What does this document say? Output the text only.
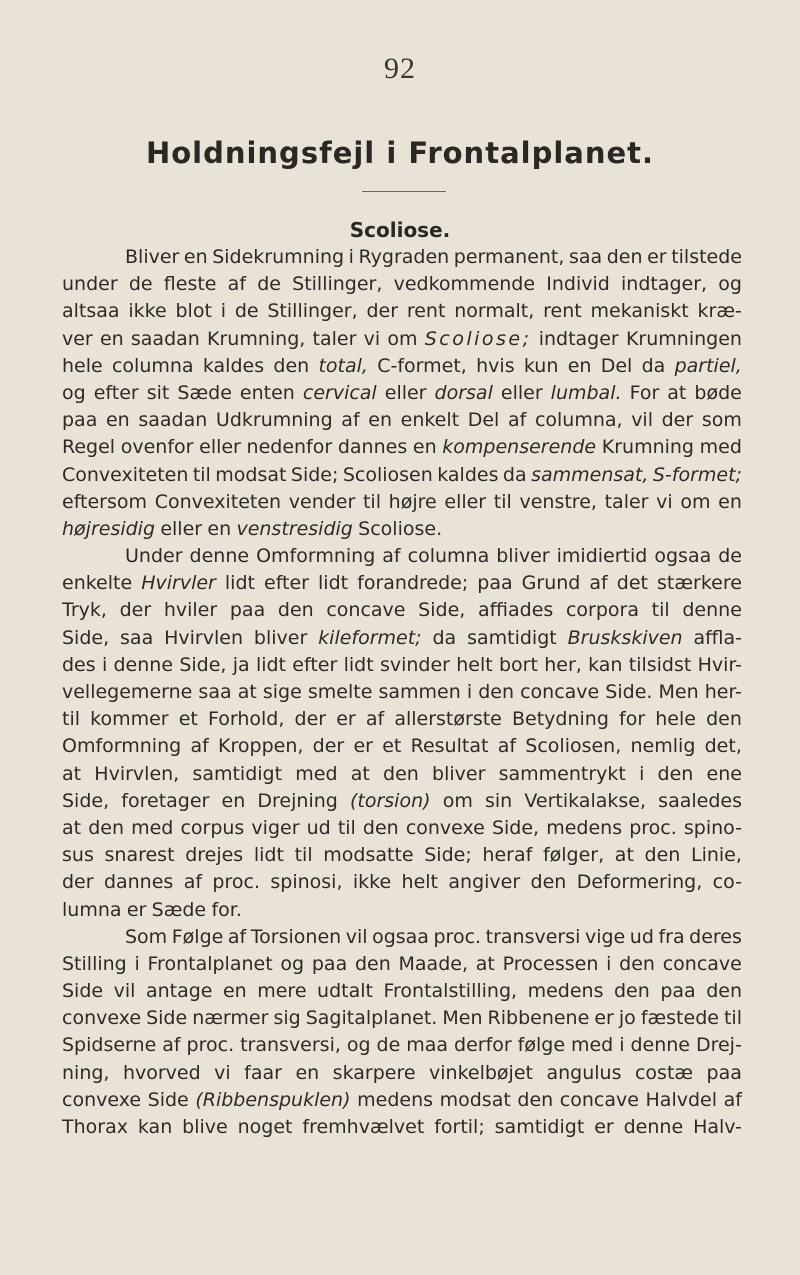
92
Holdningsfejl i Frontalplanet.
Scoliose.
Bliver en Sidekrumning i Rygraden permanent, saa den er tilstede
under de fleste af de Stillinger, vedkommende Individ indtager, og
altsaa ikke blot i de Stillinger, der rent normalt, rent mekaniskt kræ-
ver en saadan Krumning, taler vi om Scoliose; indtager Krumningen
hele columna kaldes den total, C-formet, hvis kun en Del da partiel,
og efter sit Sæde enten cervical eller dorsal eller lumbal. For at bøde
paa en saadan Udkrumning af en enkelt Del af columna, vil der som
Regel ovenfor eller nedenfor dannes en kompenserende Krumning med
Convexiteten til modsat Side; Scoliosen kaldes da sammensat, S-formet;
eftersom Convexiteten vender til højre eller til venstre, taler vi om en
højresidig eller en venstresidig Scoliose.
Under denne Omformning af columna bliver imidiertid ogsaa de
enkelte Hvirvler lidt efter lidt forandrede; paa Grund af det stærkere
Tryk, der hviler paa den concave Side, affiades corpora til denne
Side, saa Hvirvlen bliver kileformet; da samtidigt Bruskskiven affla-
des i denne Side, ja lidt efter lidt svinder helt bort her, kan tilsidst Hvir-
vellegemerne saa at sige smelte sammen i den concave Side. Men her-
til kommer et Forhold, der er af allerstørste Betydning for hele den
Omformning af Kroppen, der er et Resultat af Scoliosen, nemlig det,
at Hvirvlen, samtidigt med at den bliver sammentrykt i den ene
Side, foretager en Drejning (torsion) om sin Vertikalakse, saaledes
at den med corpus viger ud til den convexe Side, medens proc. spino-
sus snarest drejes lidt til modsatte Side; heraf følger, at den Linie,
der dannes af proc. spinosi, ikke helt angiver den Deformering, co-
lumna er Sæde for.
Som Følge af Torsionen vil ogsaa proc. transversi vige ud fra deres
Stilling i Frontalplanet og paa den Maade, at Processen i den concave
Side vil antage en mere udtalt Frontalstilling, medens den paa den
convexe Side nærmer sig Sagitalplanet. Men Ribbenene er jo fæstede til
Spidserne af proc. transversi, og de maa derfor følge med i denne Drej-
ning, hvorved vi faar en skarpere vinkelbøjet angulus costæ paa
convexe Side (Ribbenspuklen) medens modsat den concave Halvdel af
Thorax kan blive noget fremhvælvet fortil; samtidigt er denne Halv-
